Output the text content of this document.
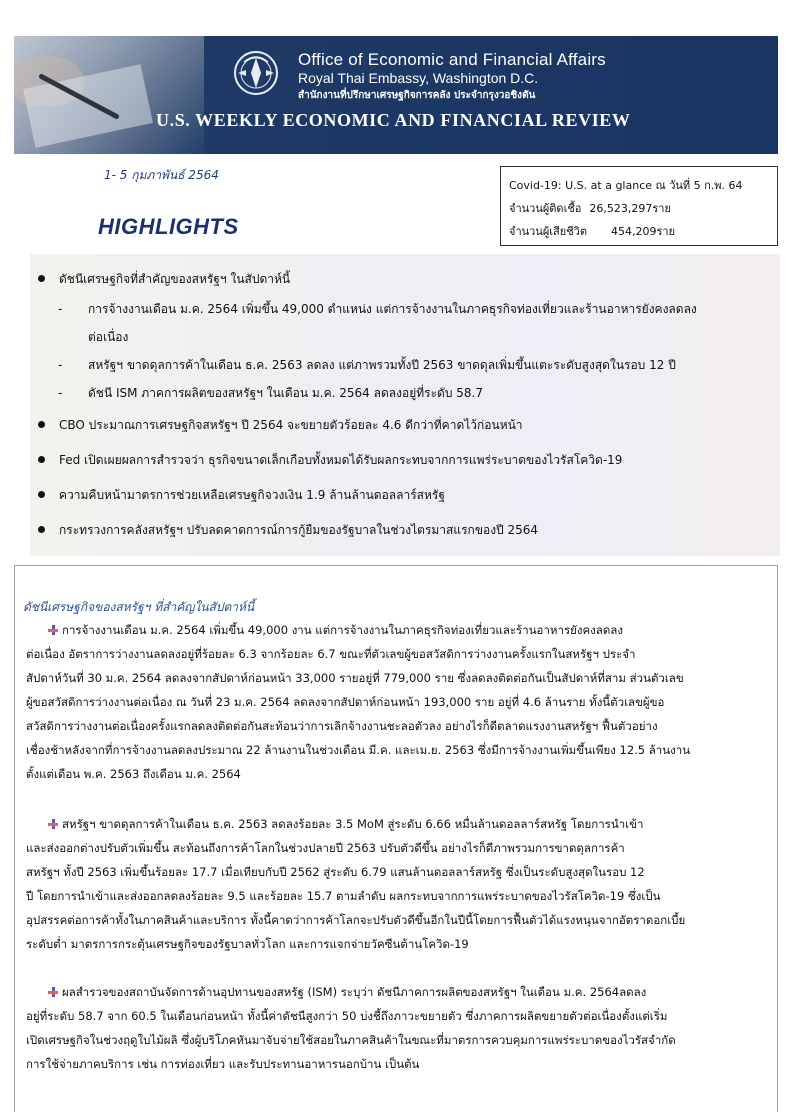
Office of Economic and Financial Affairs
Royal Thai Embassy, Washington D.C.
สำนักงานที่ปรึกษาเศรษฐกิจการคลัง ประจำกรุงวอชิงตัน
U.S. WEEKLY ECONOMIC AND FINANCIAL REVIEW
1- 5 กุมภาพันธ์ 2564
HIGHLIGHTS
Covid-19: U.S. at a glance ณ วันที่ 5 ก.พ. 64
จำนวนผู้ติดเชื้อ 26,523,297ราย
จำนวนผู้เสียชีวิต 454,209ราย
ดัชนีเศรษฐกิจที่สำคัญของสหรัฐฯ ในสัปดาห์นี้
- การจ้างงานเดือน ม.ค. 2564 เพิ่มขึ้น 49,000 ตำแหน่ง แต่การจ้างงานในภาคธุรกิจท่องเที่ยวและร้านอาหารยังคงลดลง
ต่อเนื่อง
- สหรัฐฯ ขาดดุลการค้าในเดือน ธ.ค. 2563 ลดลง แต่ภาพรวมทั้งปี 2563 ขาดดุลเพิ่มขึ้นแตะระดับสูงสุดในรอบ 12 ปี
- ดัชนี ISM ภาคการผลิตของสหรัฐฯ ในเดือน ม.ค. 2564 ลดลงอยู่ที่ระดับ 58.7
CBO ประมาณการเศรษฐกิจสหรัฐฯ ปี 2564 จะขยายตัวร้อยละ 4.6 ดีกว่าที่คาดไว้ก่อนหน้า
Fed เปิดเผยผลการสำรวจว่า ธุรกิจขนาดเล็กเกือบทั้งหมดได้รับผลกระทบจากการแพร่ระบาดของไวรัสโควิด-19
ความคืบหน้ามาตรการช่วยเหลือเศรษฐกิจวงเงิน 1.9 ล้านล้านดอลลาร์สหรัฐ
กระทรวงการคลังสหรัฐฯ ปรับลดคาดการณ์การกู้ยืมของรัฐบาลในช่วงไตรมาสแรกของปี 2564
ดัชนีเศรษฐกิจของสหรัฐฯ ที่สำคัญในสัปดาห์นี้
การจ้างงานเดือน ม.ค. 2564 เพิ่มขึ้น 49,000 งาน แต่การจ้างงานในภาคธุรกิจท่องเที่ยวและร้านอาหารยังคงลดลง
ต่อเนื่อง อัตราการว่างงานลดลงอยู่ที่ร้อยละ 6.3 จากร้อยละ 6.7 ขณะที่ตัวเลขผู้ขอสวัสดิการว่างงานครั้งแรกในสหรัฐฯ ประจำ
สัปดาห์วันที่ 30 ม.ค. 2564 ลดลงจากสัปดาห์ก่อนหน้า 33,000 รายอยู่ที่ 779,000 ราย ซึ่งลดลงติดต่อกันเป็นสัปดาห์ที่สาม ส่วนตัวเลข
ผู้ขอสวัสดิการว่างงานต่อเนื่อง ณ วันที่ 23 ม.ค. 2564 ลดลงจากสัปดาห์ก่อนหน้า 193,000 ราย อยู่ที่ 4.6 ล้านราย ทั้งนี้ตัวเลขผู้ขอ
สวัสดิการว่างงานต่อเนื่องครั้งแรกลดลงติดต่อกันสะท้อนว่าการเลิกจ้างงานชะลอตัวลง อย่างไรก็ดีตลาดแรงงานสหรัฐฯ ฟื้นตัวอย่าง
เชื่องช้าหลังจากที่การจ้างงานลดลงประมาณ 22 ล้านงานในช่วงเดือน มี.ค. และเม.ย. 2563 ซึ่งมีการจ้างงานเพิ่มขึ้นเพียง 12.5 ล้านงาน
ตั้งแต่เดือน พ.ค. 2563 ถึงเดือน ม.ค. 2564
สหรัฐฯ ขาดดุลการค้าในเดือน ธ.ค. 2563 ลดลงร้อยละ 3.5 MoM สู่ระดับ 6.66 หมื่นล้านดอลลาร์สหรัฐ โดยการนำเข้า
และส่งออกต่างปรับตัวเพิ่มขึ้น สะท้อนถึงการค้าโลกในช่วงปลายปี 2563 ปรับตัวดีขึ้น อย่างไรก็ดีภาพรวมการขาดดุลการค้า
สหรัฐฯ ทั้งปี 2563 เพิ่มขึ้นร้อยละ 17.7 เมื่อเทียบกับปี 2562 สู่ระดับ 6.79 แสนล้านดอลลาร์สหรัฐ ซึ่งเป็นระดับสูงสุดในรอบ 12
ปี โดยการนำเข้าและส่งออกลดลงร้อยละ 9.5 และร้อยละ 15.7 ตามลำดับ ผลกระทบจากการแพร่ระบาดของไวรัสโควิด-19 ซึ่งเป็น
อุปสรรคต่อการค้าทั้งในภาคสินค้าและบริการ ทั้งนี้คาดว่าการค้าโลกจะปรับตัวดีขึ้นอีกในปีนี้โดยการฟื้นตัวได้แรงหนุนจากอัตราดอกเบี้ย
ระดับต่ำ มาตรการกระตุ้นเศรษฐกิจของรัฐบาลทั่วโลก และการแจกจ่ายวัคซีนต้านโควิด-19
ผลสำรวจของสถาบันจัดการด้านอุปทานของสหรัฐ (ISM) ระบุว่า ดัชนีภาคการผลิตของสหรัฐฯ ในเดือน ม.ค. 2564ลดลง
อยู่ที่ระดับ 58.7 จาก 60.5 ในเดือนก่อนหน้า ทั้งนี้ค่าดัชนีสูงกว่า 50 บ่งชี้ถึงภาวะขยายตัว ซึ่งภาคการผลิตขยายตัวต่อเนื่องตั้งแต่เริ่ม
เปิดเศรษฐกิจในช่วงฤดูใบไม้ผลิ ซึ่งผู้บริโภคหันมาจับจ่ายใช้สอยในภาคสินค้าในขณะที่มาตรการควบคุมการแพร่ระบาดของไวรัสจำกัด
การใช้จ่ายภาคบริการ เช่น การท่องเที่ยว และรับประทานอาหารนอกบ้าน เป็นต้น
